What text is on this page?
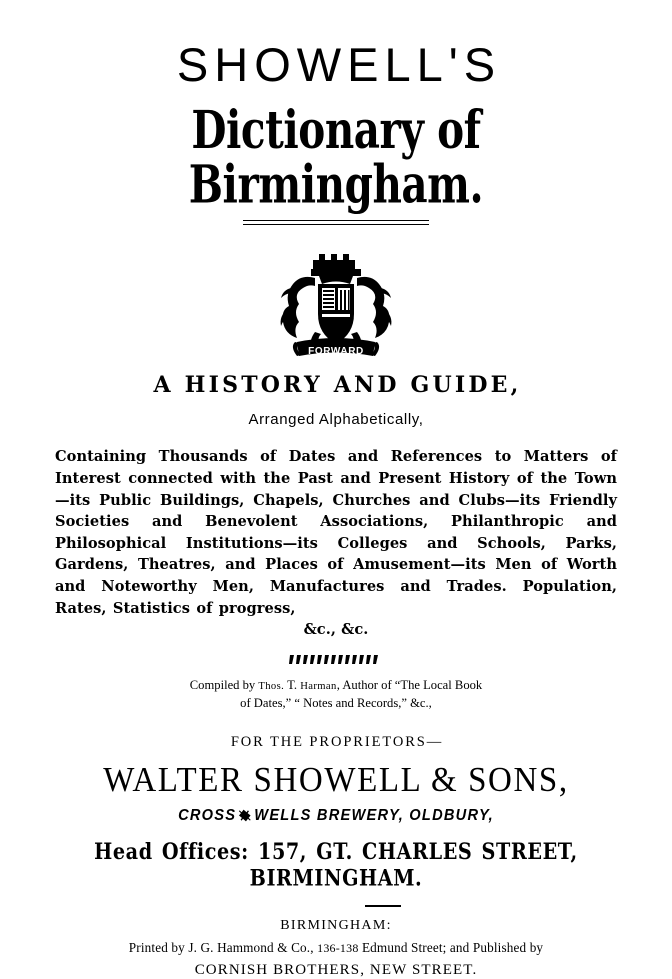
SHOWELL'S
Dictionary of Birmingham.
FORWARD

A HISTORY AND GUIDE,

Arranged Alphabetically,

Containing Thousands of Dates and References to Matters of Interest connected with the Past and Present History of the Town—its Public Buildings, Chapels, Churches and Clubs—its Friendly Societies and Benevolent Associations, Philanthropic and Philosophical Institutions—its Colleges and Schools, Parks, Gardens, Theatres, and Places of Amusement—its Men of Worth and Noteworthy Men, Manufactures and Trades. Population, Rates, Statistics of progress,
&c., &c.

Compiled by Thos. T. Harman, Author of “The Local Book
of Dates,” “ Notes and Records,” &c.,

FOR THE PROPRIETORS—

WALTER SHOWELL & SONS,

CROSS WELLS BREWERY, OLDBURY,

Head Offices: 157, GT. CHARLES STREET, BIRMINGHAM.

BIRMINGHAM:

Printed by J. G. Hammond & Co., 136-138 Edmund Street; and Published by

CORNISH BROTHERS, NEW STREET.
